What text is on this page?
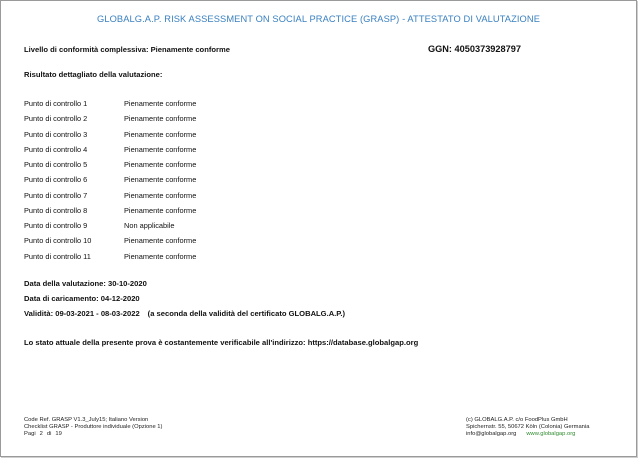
GLOBALG.A.P. RISK ASSESSMENT ON SOCIAL PRACTICE (GRASP) - ATTESTATO DI VALUTAZIONE
Livello di conformità complessiva: Pienamente conforme	GGN: 4050373928797
Risultato dettagliato della valutazione:
Punto di controllo 1	Pienamente conforme
Punto di controllo 2	Pienamente conforme
Punto di controllo 3	Pienamente conforme
Punto di controllo 4	Pienamente conforme
Punto di controllo 5	Pienamente conforme
Punto di controllo 6	Pienamente conforme
Punto di controllo 7	Pienamente conforme
Punto di controllo 8	Pienamente conforme
Punto di controllo 9	Non applicabile
Punto di controllo 10	Pienamente conforme
Punto di controllo 11	Pienamente conforme
Data della valutazione: 30-10-2020
Data di caricamento: 04-12-2020
Validità: 09-03-2021 - 08-03-2022 (a seconda della validità del certificato GLOBALG.A.P.)
Lo stato attuale della presente prova è costantemente verificabile all'indirizzo: https://database.globalgap.org
Code Ref. GRASP V1.3_July15; Italiano Version
Checklist GRASP - Produttore individuale (Opzione 1)
Pagi 2 di 19
(c) GLOBALG.A.P. c/o FoodPlus GmbH
Spichernstr. 55, 50672 Köln (Colonia) Germania
info@globalgap.org www.globalgap.org
